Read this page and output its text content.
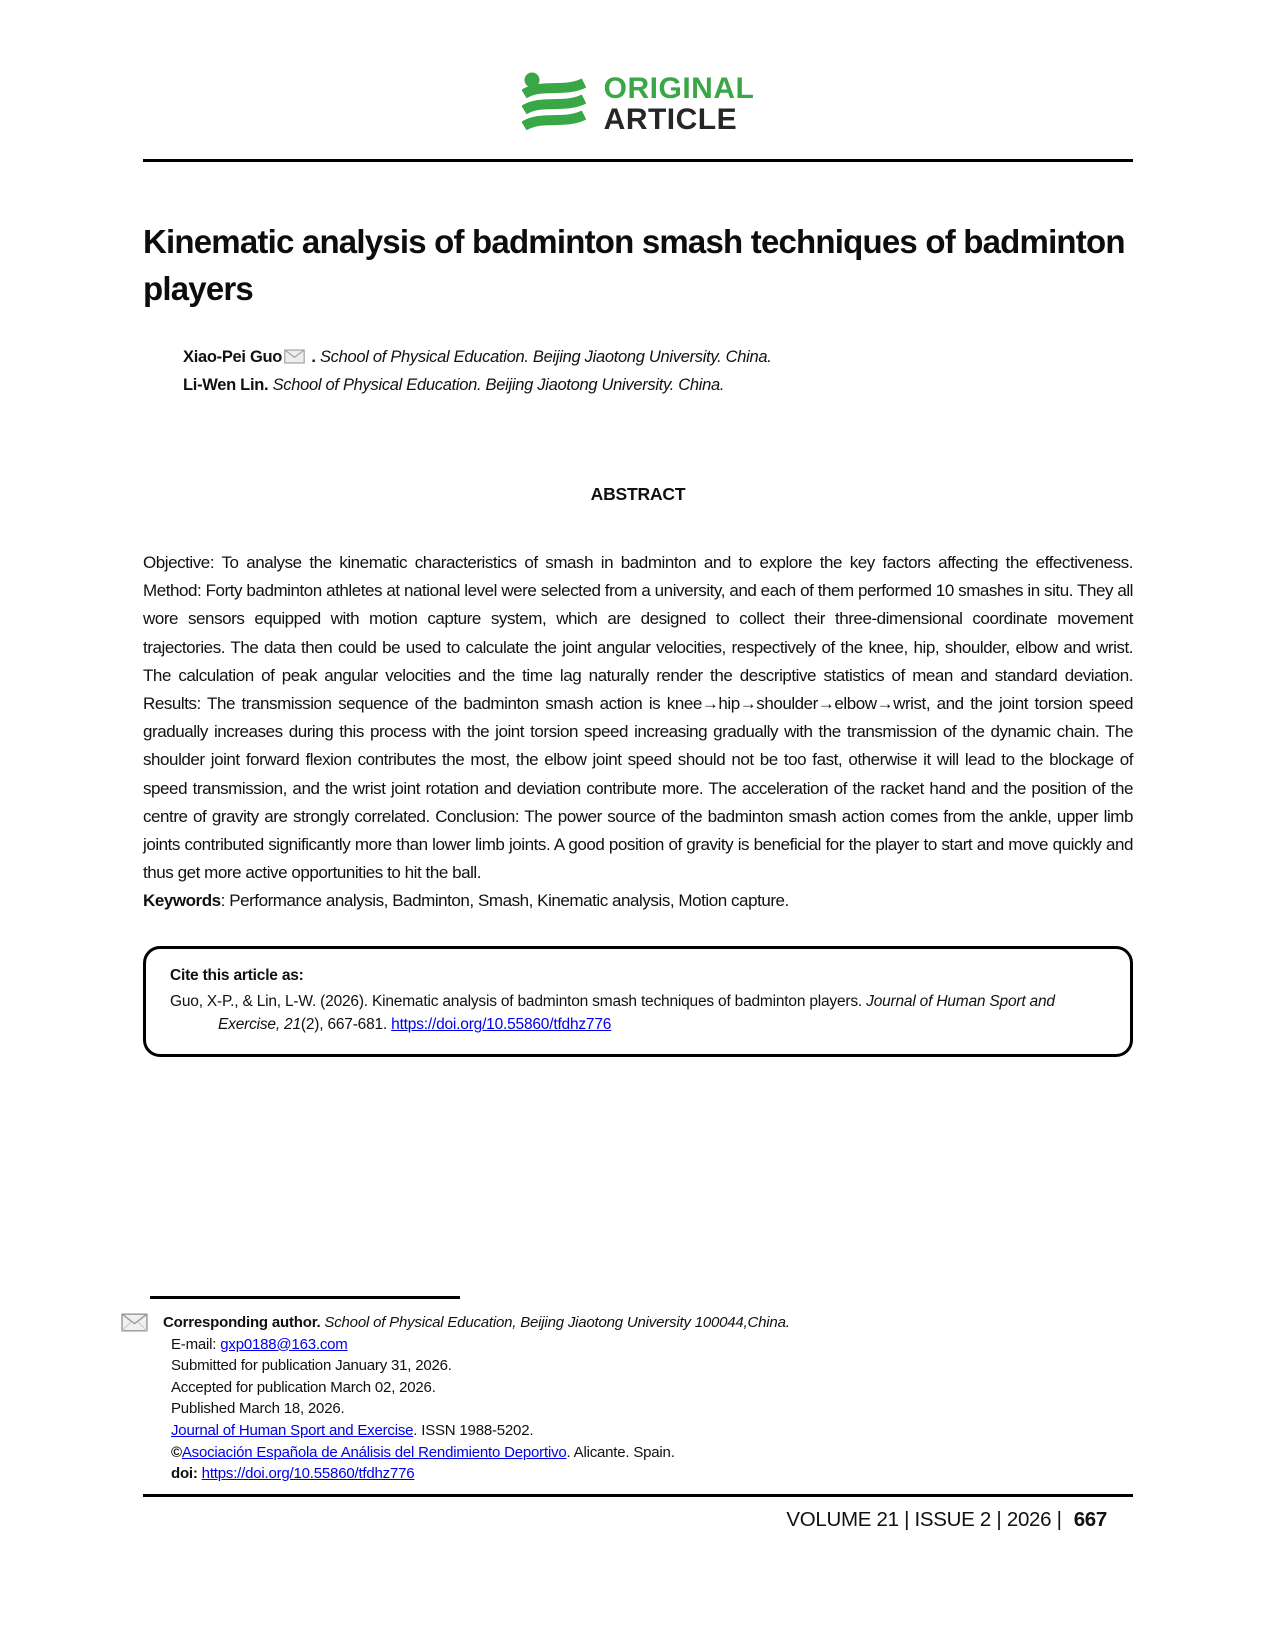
ORIGINAL
ARTICLE
Kinematic analysis of badminton smash techniques of badminton players
Xiao-Pei Guo . School of Physical Education. Beijing Jiaotong University. China.
Li-Wen Lin. School of Physical Education. Beijing Jiaotong University. China.
ABSTRACT

Objective: To analyse the kinematic characteristics of smash in badminton and to explore the key factors affecting the effectiveness. Method: Forty badminton athletes at national level were selected from a university, and each of them performed 10 smashes in situ. They all wore sensors equipped with motion capture system, which are designed to collect their three-dimensional coordinate movement trajectories. The data then could be used to calculate the joint angular velocities, respectively of the knee, hip, shoulder, elbow and wrist. The calculation of peak angular velocities and the time lag naturally render the descriptive statistics of mean and standard deviation. Results: The transmission sequence of the badminton smash action is knee→hip→shoulder→elbow→wrist, and the joint torsion speed gradually increases during this process with the joint torsion speed increasing gradually with the transmission of the dynamic chain. The shoulder joint forward flexion contributes the most, the elbow joint speed should not be too fast, otherwise it will lead to the blockage of speed transmission, and the wrist joint rotation and deviation contribute more. The acceleration of the racket hand and the position of the centre of gravity are strongly correlated. Conclusion: The power source of the badminton smash action comes from the ankle, upper limb joints contributed significantly more than lower limb joints. A good position of gravity is beneficial for the player to start and move quickly and thus get more active opportunities to hit the ball.

Keywords: Performance analysis, Badminton, Smash, Kinematic analysis, Motion capture.

Cite this article as:

Guo, X-P., & Lin, L-W. (2026). Kinematic analysis of badminton smash techniques of badminton players. Journal of Human Sport and Exercise, 21(2), 667-681. https://doi.org/10.55860/tfdhz776

Corresponding author. School of Physical Education, Beijing Jiaotong University 100044,China.
E-mail: gxp0188@163.com
Submitted for publication January 31, 2026.
Accepted for publication March 02, 2026.
Published March 18, 2026.
Journal of Human Sport and Exercise. ISSN 1988-5202.
©Asociación Española de Análisis del Rendimiento Deportivo. Alicante. Spain.
doi: https://doi.org/10.55860/tfdhz776
VOLUME 21 | ISSUE 2 | 2026 | 667
